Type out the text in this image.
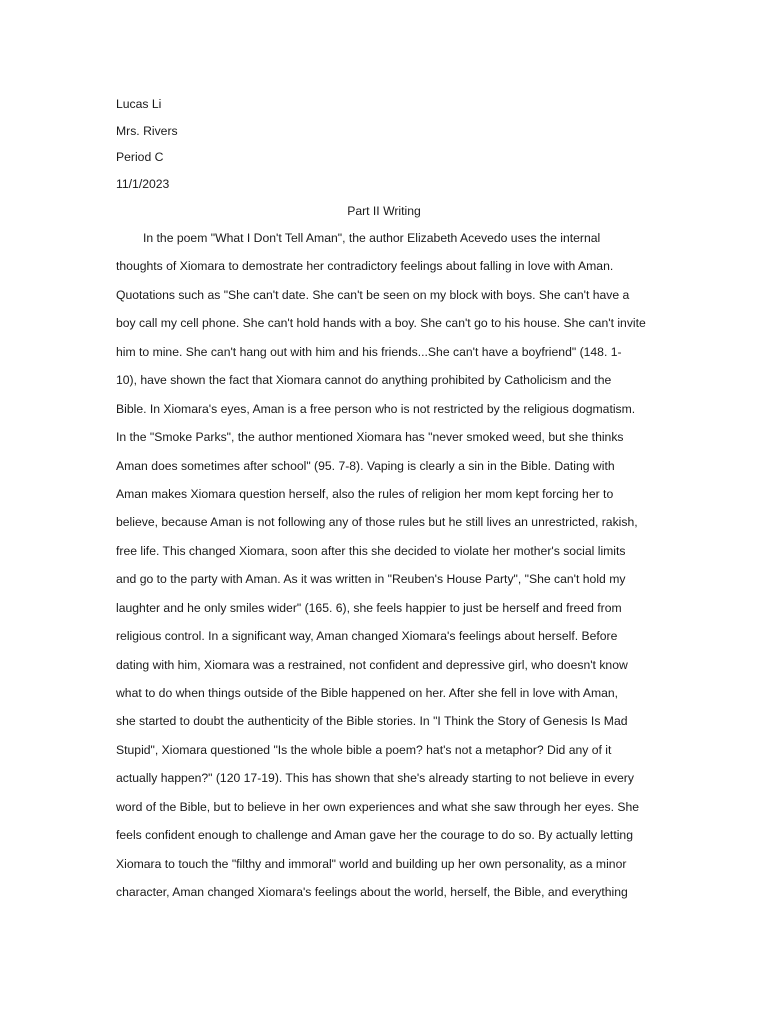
Lucas Li
Mrs. Rivers
Period C
11/1/2023
Part II Writing
In the poem "What I Don't Tell Aman", the author Elizabeth Acevedo uses the internal
thoughts of Xiomara to demostrate her contradictory feelings about falling in love with Aman.
Quotations such as "She can't date. She can't be seen on my block with boys. She can't have a
boy call my cell phone. She can't hold hands with a boy. She can't go to his house. She can't invite
him to mine. She can't hang out with him and his friends...She can't have a boyfriend" (148. 1-
10), have shown the fact that Xiomara cannot do anything prohibited by Catholicism and the
Bible. In Xiomara's eyes, Aman is a free person who is not restricted by the religious dogmatism.
In the "Smoke Parks", the author mentioned Xiomara has "never smoked weed, but she thinks
Aman does sometimes after school" (95. 7-8). Vaping is clearly a sin in the Bible. Dating with
Aman makes Xiomara question herself, also the rules of religion her mom kept forcing her to
believe, because Aman is not following any of those rules but he still lives an unrestricted, rakish,
free life. This changed Xiomara, soon after this she decided to violate her mother's social limits
and go to the party with Aman. As it was written in "Reuben's House Party", "She can't hold my
laughter and he only smiles wider" (165. 6), she feels happier to just be herself and freed from
religious control. In a significant way, Aman changed Xiomara's feelings about herself. Before
dating with him, Xiomara was a restrained, not confident and depressive girl, who doesn't know
what to do when things outside of the Bible happened on her. After she fell in love with Aman,
she started to doubt the authenticity of the Bible stories. In "I Think the Story of Genesis Is Mad
Stupid", Xiomara questioned "Is the whole bible a poem? hat's not a metaphor? Did any of it
actually happen?" (120 17-19). This has shown that she's already starting to not believe in every
word of the Bible, but to believe in her own experiences and what she saw through her eyes. She
feels confident enough to challenge and Aman gave her the courage to do so. By actually letting
Xiomara to touch the "filthy and immoral" world and building up her own personality, as a minor
character, Aman changed Xiomara's feelings about the world, herself, the Bible, and everything
